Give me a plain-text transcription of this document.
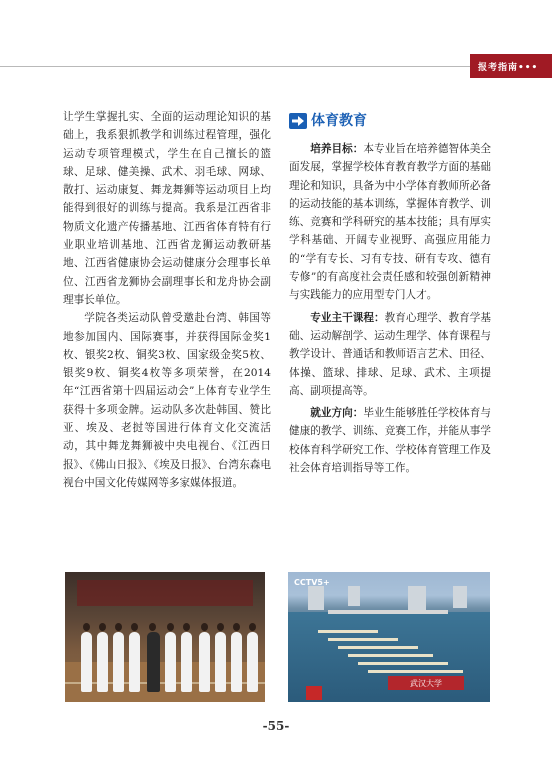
报考指南•••

让学生掌握扎实、全面的运动理论知识的基础上，我系狠抓教学和训练过程管理，强化运动专项管理模式，学生在自己擅长的篮球、足球、健美操、武术、羽毛球、网球、散打、运动康复、舞龙舞狮等运动项目上均能得到很好的训练与提高。我系是江西省非物质文化遗产传播基地、江西省体育特有行业职业培训基地、江西省龙狮运动教研基地、江西省健康协会运动健康分会理事长单位、江西省龙狮协会副理事长和龙舟协会副理事长单位。

学院各类运动队曾受邀赴台湾、韩国等地参加国内、国际赛事，并获得国际金奖1枚、银奖2枚、铜奖3枚、国家级金奖5枚、银奖9枚、铜奖4枚等多项荣誉，在2014年“江西省第十四届运动会”上体育专业学生获得十多项金牌。运动队多次赴韩国、赞比亚、埃及、老挝等国进行体育文化交流活动，其中舞龙舞狮被中央电视台、《江西日报》、《佛山日报》、《埃及日报》、台湾东森电视台中国文化传媒网等多家媒体报道。

体育教育

培养目标：本专业旨在培养德智体美全面发展，掌握学校体育教育教学方面的基础理论和知识，具备为中小学体育教师所必备的运动技能的基本训练，掌握体育教学、训练、竞赛和学科研究的基本技能；具有厚实学科基础、开阔专业视野、高强应用能力的“学有专长、习有专技、研有专攻、德有专修”的有高度社会责任感和较强创新精神与实践能力的应用型专门人才。

专业主干课程：教育心理学、教育学基础、运动解剖学、运动生理学、体育课程与教学设计、普通话和教师语言艺术、田径、体操、篮球、排球、足球、武术、主项提高、副项提高等。

就业方向：毕业生能够胜任学校体育与健康的教学、训练、竞赛工作，并能从事学校体育科学研究工作、学校体育管理工作及社会体育培训指导等工作。

CCTV5+
武汉大学
-55-
